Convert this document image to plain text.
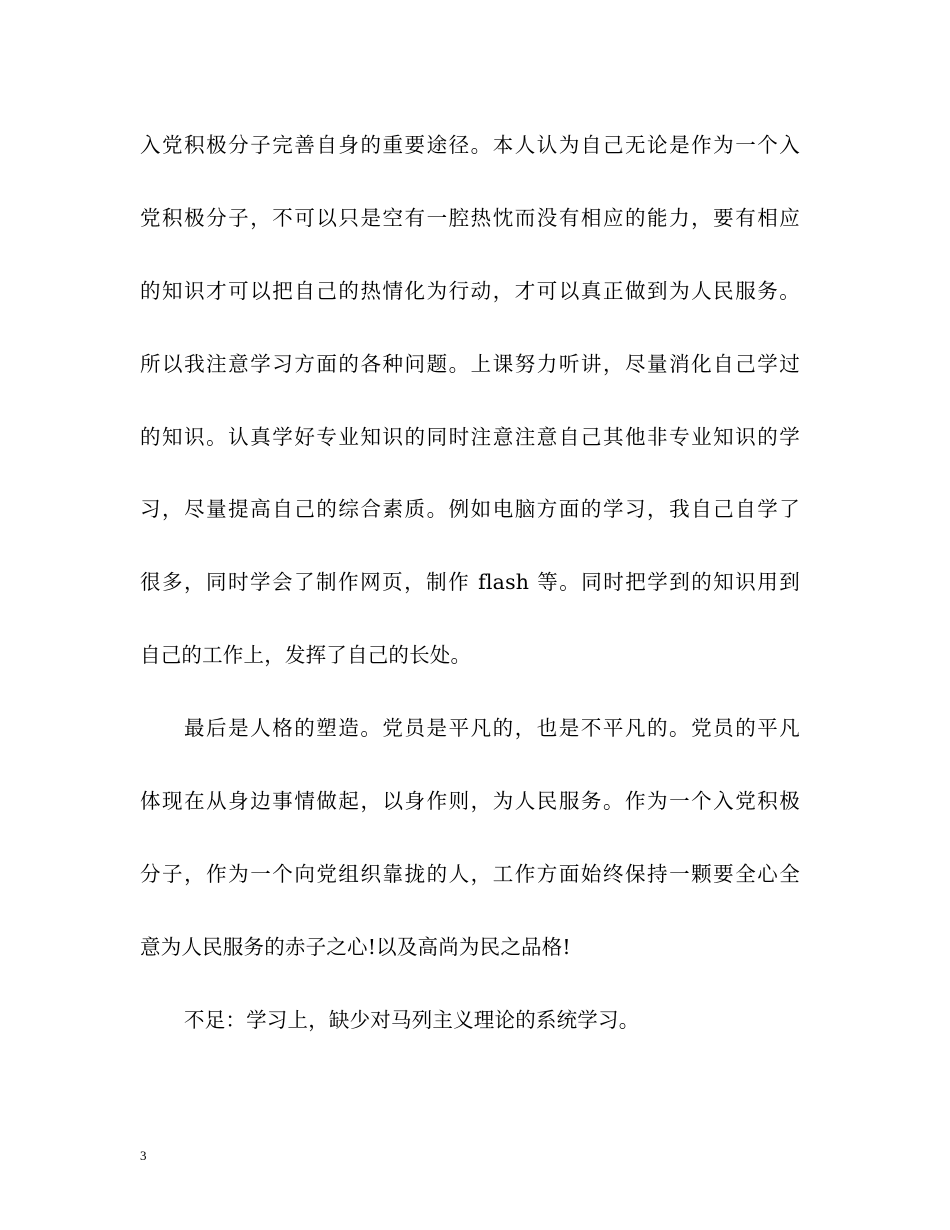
入党积极分子完善自身的重要途径。本人认为自己无论是作为一个入
党积极分子，不可以只是空有一腔热忱而没有相应的能力，要有相应
的知识才可以把自己的热情化为行动，才可以真正做到为人民服务。
所以我注意学习方面的各种问题。上课努力听讲，尽量消化自己学过
的知识。认真学好专业知识的同时注意注意自己其他非专业知识的学
习，尽量提高自己的综合素质。例如电脑方面的学习，我自己自学了
很多，同时学会了制作网页，制作 flash 等。同时把学到的知识用到
自己的工作上，发挥了自己的长处。
最后是人格的塑造。党员是平凡的，也是不平凡的。党员的平凡
体现在从身边事情做起，以身作则，为人民服务。作为一个入党积极
分子，作为一个向党组织靠拢的人，工作方面始终保持一颗要全心全
意为人民服务的赤子之心!以及高尚为民之品格!
不足：学习上，缺少对马列主义理论的系统学习。
3
